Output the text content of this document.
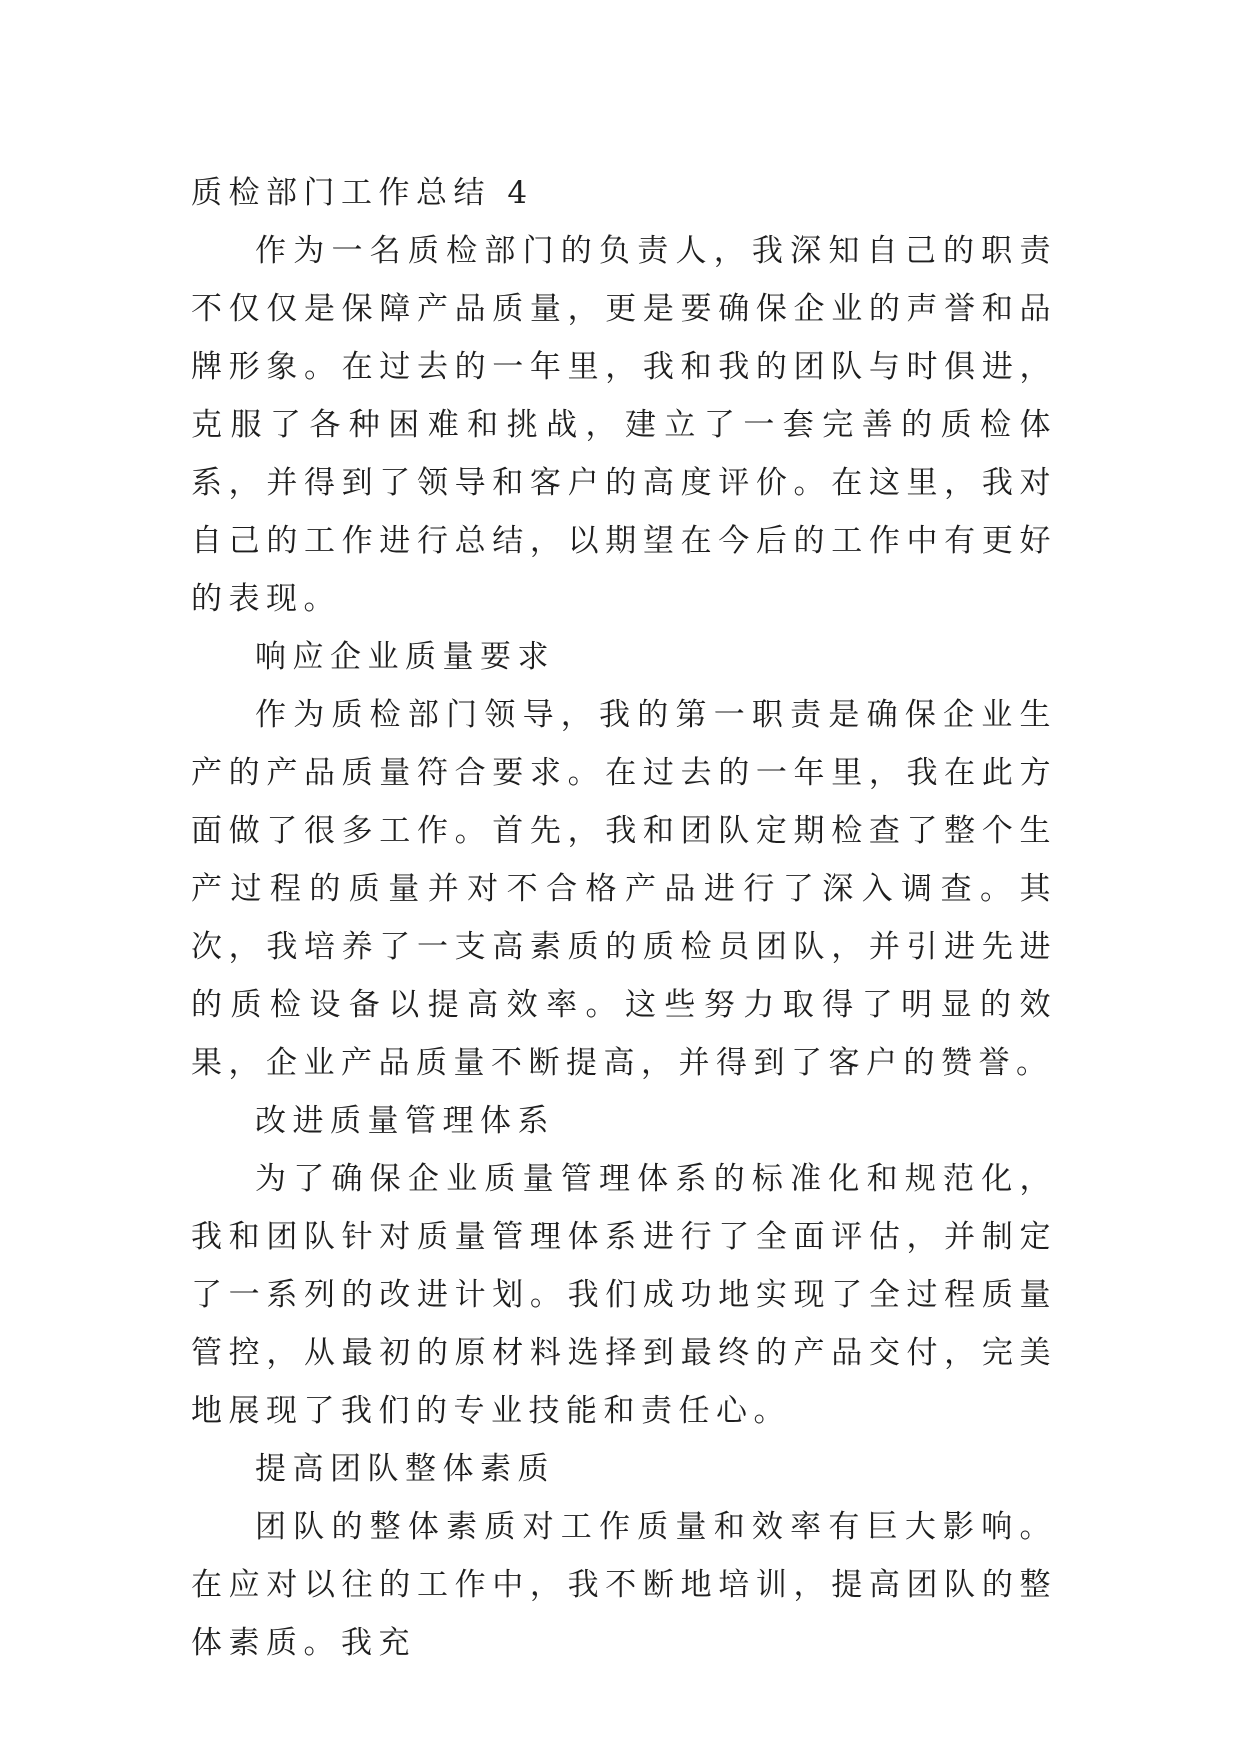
质检部门工作总结 4

作为一名质检部门的负责人，我深知自己的职责不仅仅是保障产品质量，更是要确保企业的声誉和品牌形象。在过去的一年里，我和我的团队与时俱进，克服了各种困难和挑战，建立了一套完善的质检体系，并得到了领导和客户的高度评价。在这里，我对自己的工作进行总结，以期望在今后的工作中有更好的表现。

响应企业质量要求

作为质检部门领导，我的第一职责是确保企业生产的产品质量符合要求。在过去的一年里，我在此方面做了很多工作。首先，我和团队定期检查了整个生产过程的质量并对不合格产品进行了深入调查。其次，我培养了一支高素质的质检员团队，并引进先进的质检设备以提高效率。这些努力取得了明显的效果，企业产品质量不断提高，并得到了客户的赞誉。

改进质量管理体系

为了确保企业质量管理体系的标准化和规范化，我和团队针对质量管理体系进行了全面评估，并制定了一系列的改进计划。我们成功地实现了全过程质量管控，从最初的原材料选择到最终的产品交付，完美地展现了我们的专业技能和责任心。

提高团队整体素质

团队的整体素质对工作质量和效率有巨大影响。在应对以往的工作中，我不断地培训，提高团队的整体素质。我充
